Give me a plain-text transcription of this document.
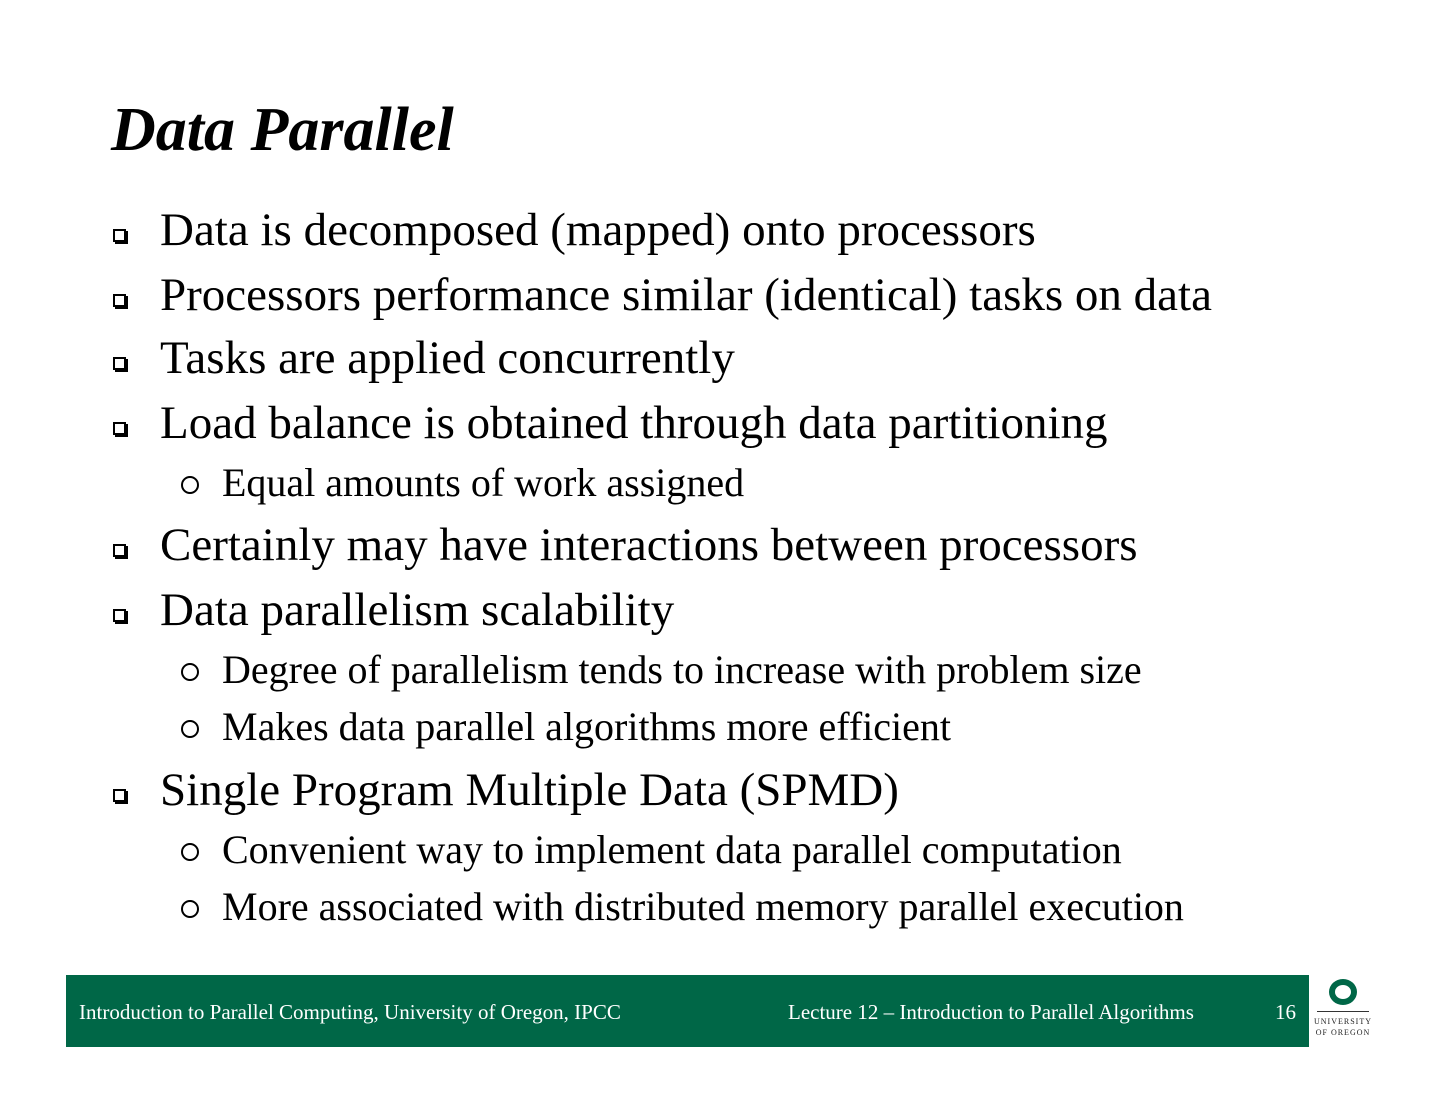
Data Parallel
Data is decomposed (mapped) onto processors
Processors performance similar (identical) tasks on data
Tasks are applied concurrently
Load balance is obtained through data partitioning
Equal amounts of work assigned
Certainly may have interactions between processors
Data parallelism scalability
Degree of parallelism tends to increase with problem size
Makes data parallel algorithms more efficient
Single Program Multiple Data (SPMD)
Convenient way to implement data parallel computation
More associated with distributed memory parallel execution
Introduction to Parallel Computing, University of Oregon, IPCC	Lecture 12 – Introduction to Parallel Algorithms	16 UNIVERSITY
OF OREGON
